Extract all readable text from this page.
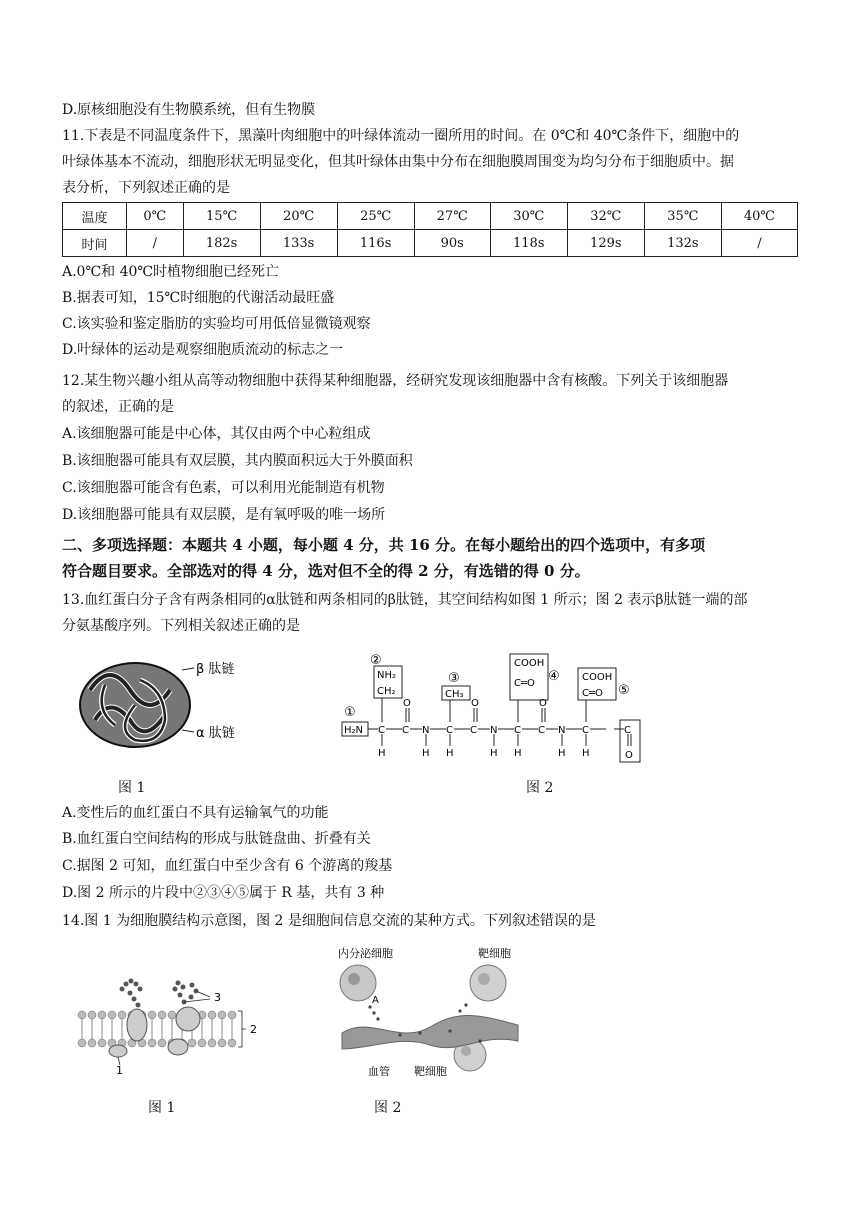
D.原核细胞没有生物膜系统，但有生物膜
11.下表是不同温度条件下，黑藻叶肉细胞中的叶绿体流动一圈所用的时间。在 0℃和 40℃条件下，细胞中的
叶绿体基本不流动，细胞形状无明显变化，但其叶绿体由集中分布在细胞膜周围变为均匀分布于细胞质中。据
表分析，下列叙述正确的是
温度	0℃	15℃	20℃	25℃	27℃	30℃	32℃	35℃	40℃
时间	/	182s	133s	116s	90s	118s	129s	132s	/
A.0℃和 40℃时植物细胞已经死亡
B.据表可知，15℃时细胞的代谢活动最旺盛
C.该实验和鉴定脂肪的实验均可用低倍显微镜观察
D.叶绿体的运动是观察细胞质流动的标志之一
12.某生物兴趣小组从高等动物细胞中获得某种细胞器，经研究发现该细胞器中含有核酸。下列关于该细胞器
的叙述，正确的是
A.该细胞器可能是中心体，其仅由两个中心粒组成
B.该细胞器可能具有双层膜，其内膜面积远大于外膜面积
C.该细胞器可能含有色素，可以利用光能制造有机物
D.该细胞器可能具有双层膜，是有氧呼吸的唯一场所
二、多项选择题：本题共 4 小题，每小题 4 分，共 16 分。在每小题给出的四个选项中，有多项
符合题目要求。全部选对的得 4 分，选对但不全的得 2 分，有选错的得 0 分。
13.血红蛋白分子含有两条相同的α肽链和两条相同的β肽链，其空间结构如图 1 所示；图 2 表示β肽链一端的部
分氨基酸序列。下列相关叙述正确的是
β 肽链
α 肽链
图 1
①
②
③	④
⑤
H₂N
NH₂
CH₂	CH₃
COOH
C═O
COOH
C═O
C C N C C N C C N C	C
O	O	O
O
H	H H	H H	H H
图 2
A.变性后的血红蛋白不具有运输氧气的功能
B.血红蛋白空间结构的形成与肽链盘曲、折叠有关
C.据图 2 可知，血红蛋白中至少含有 6 个游离的羧基
D.图 2 所示的片段中②③④⑤属于 R 基，共有 3 种
14.图 1 为细胞膜结构示意图，图 2 是细胞间信息交流的某种方式。下列叙述错误的是
3
2
1
图 1
内分泌细胞	靶细胞
A
血管 靶细胞
图 2
